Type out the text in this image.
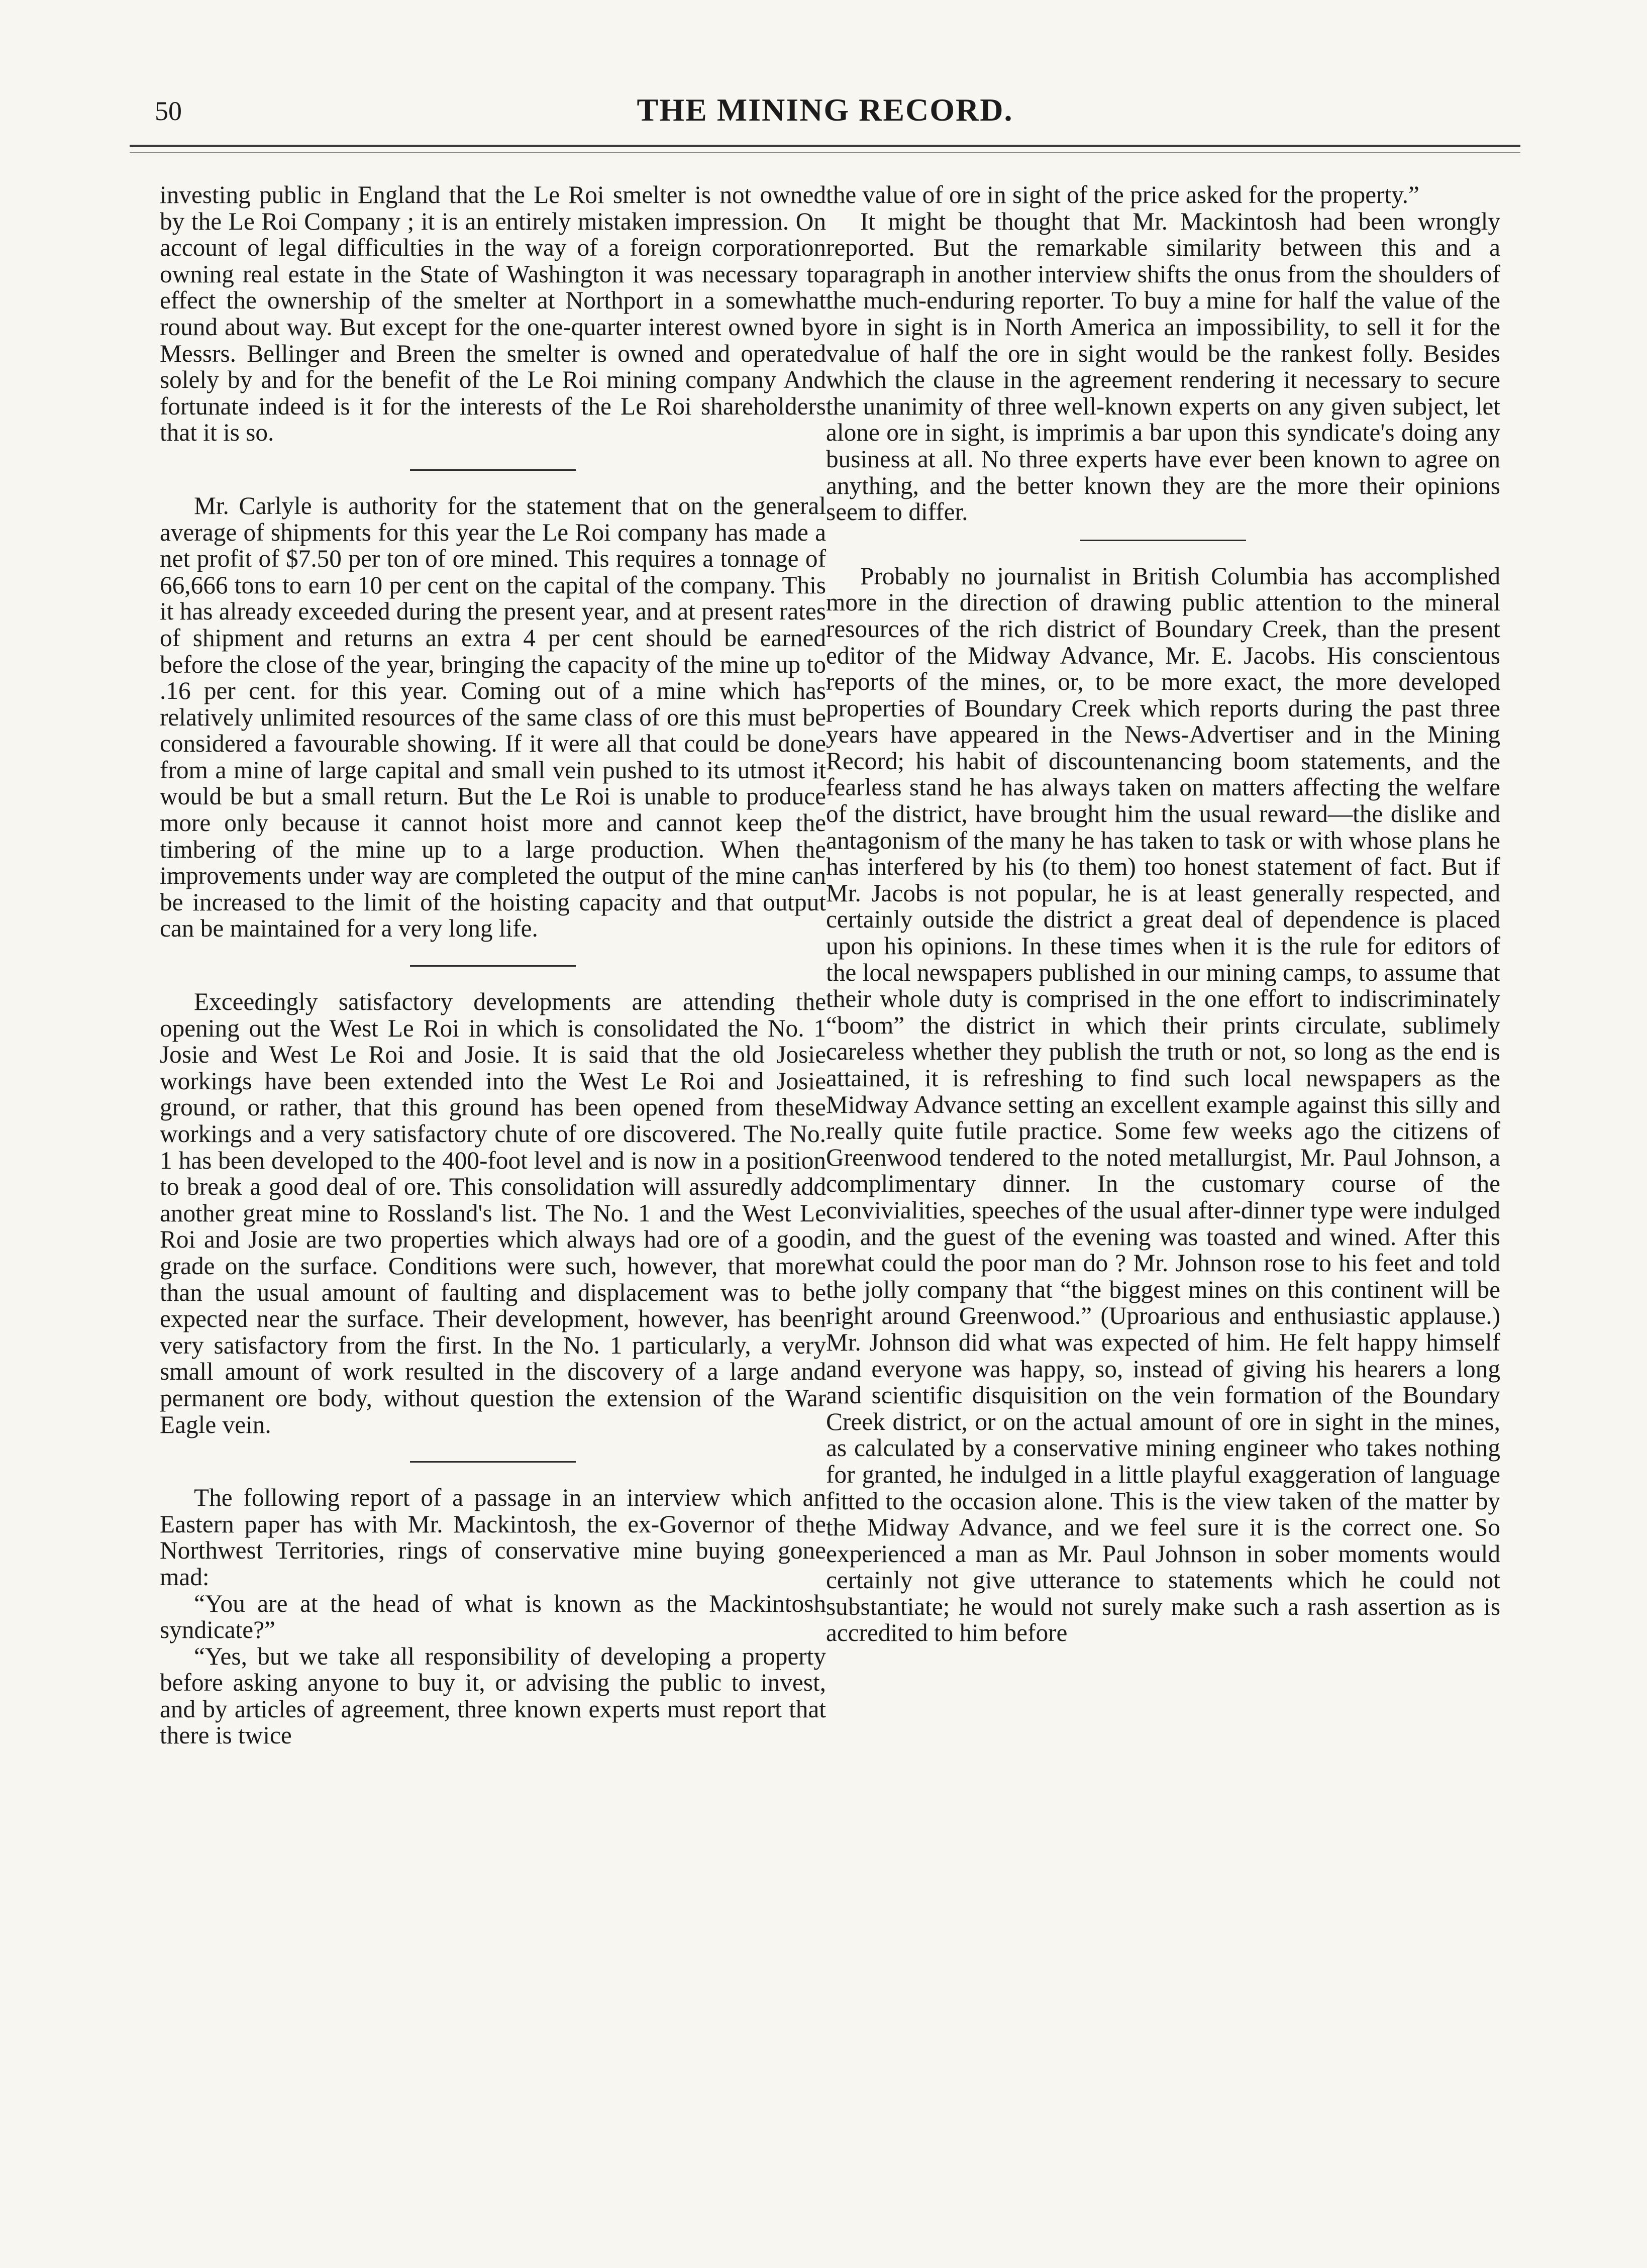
50	THE MINING RECORD.

investing public in England that the Le Roi smelter is not owned by the Le Roi Company ; it is an entirely mistaken impression. On account of legal difficulties in the way of a foreign corporation owning real estate in the State of Washington it was necessary to effect the ownership of the smelter at Northport in a somewhat round about way. But except for the one-quarter interest owned by Messrs. Bellinger and Breen the smelter is owned and operated solely by and for the benefit of the Le Roi mining company And fortunate indeed is it for the interests of the Le Roi shareholders that it is so.

Mr. Carlyle is authority for the statement that on the general average of shipments for this year the Le Roi company has made a net profit of $7.50 per ton of ore mined. This requires a tonnage of 66,666 tons to earn 10 per cent on the capital of the company. This it has already exceeded during the present year, and at present rates of shipment and returns an extra 4 per cent should be earned before the close of the year, bringing the capacity of the mine up to .16 per cent. for this year. Coming out of a mine which has relatively unlimited resources of the same class of ore this must be considered a favourable showing. If it were all that could be done from a mine of large capital and small vein pushed to its utmost it would be but a small return. But the Le Roi is unable to produce more only because it cannot hoist more and cannot keep the timbering of the mine up to a large production. When the improvements under way are completed the output of the mine can be increased to the limit of the hoisting capacity and that output can be maintained for a very long life.

Exceedingly satisfactory developments are attending the opening out the West Le Roi in which is consolidated the No. 1 Josie and West Le Roi and Josie. It is said that the old Josie workings have been extended into the West Le Roi and Josie ground, or rather, that this ground has been opened from these workings and a very satisfactory chute of ore discovered. The No. 1 has been developed to the 400-foot level and is now in a position to break a good deal of ore. This consolidation will assuredly add another great mine to Rossland's list. The No. 1 and the West Le Roi and Josie are two properties which always had ore of a good grade on the surface. Conditions were such, however, that more than the usual amount of faulting and displacement was to be expected near the surface. Their development, however, has been very satisfactory from the first. In the No. 1 particularly, a very small amount of work resulted in the discovery of a large and permanent ore body, without question the extension of the War Eagle vein.

The following report of a passage in an interview which an Eastern paper has with Mr. Mackintosh, the ex-Governor of the Northwest Territories, rings of conservative mine buying gone mad:

“You are at the head of what is known as the Mackintosh syndicate?”

“Yes, but we take all responsibility of developing a property before asking anyone to buy it, or advising the public to invest, and by articles of agreement, three known experts must report that there is twice

the value of ore in sight of the price asked for the property.”

It might be thought that Mr. Mackintosh had been wrongly reported. But the remarkable similarity between this and a paragraph in another interview shifts the onus from the shoulders of the much-enduring reporter. To buy a mine for half the value of the ore in sight is in North America an impossibility, to sell it for the value of half the ore in sight would be the rankest folly. Besides which the clause in the agreement rendering it necessary to secure the unanimity of three well-known experts on any given subject, let alone ore in sight, is imprimis a bar upon this syndicate's doing any business at all. No three experts have ever been known to agree on anything, and the better known they are the more their opinions seem to differ.

Probably no journalist in British Columbia has accomplished more in the direction of drawing public attention to the mineral resources of the rich district of Boundary Creek, than the present editor of the Midway Advance, Mr. E. Jacobs. His conscientous reports of the mines, or, to be more exact, the more developed properties of Boundary Creek which reports during the past three years have appeared in the News-Advertiser and in the Mining Record; his habit of discountenancing boom statements, and the fearless stand he has always taken on matters affecting the welfare of the district, have brought him the usual reward—the dislike and antagonism of the many he has taken to task or with whose plans he has interfered by his (to them) too honest statement of fact. But if Mr. Jacobs is not popular, he is at least generally respected, and certainly outside the district a great deal of dependence is placed upon his opinions. In these times when it is the rule for editors of the local newspapers published in our mining camps, to assume that their whole duty is comprised in the one effort to indiscriminately “boom” the district in which their prints circulate, sublimely careless whether they publish the truth or not, so long as the end is attained, it is refreshing to find such local newspapers as the Midway Advance setting an excellent example against this silly and really quite futile practice. Some few weeks ago the citizens of Greenwood tendered to the noted metallurgist, Mr. Paul Johnson, a complimentary dinner. In the customary course of the convivialities, speeches of the usual after-dinner type were indulged in, and the guest of the evening was toasted and wined. After this what could the poor man do ? Mr. Johnson rose to his feet and told the jolly company that “the biggest mines on this continent will be right around Greenwood.” (Uproarious and enthusiastic applause.) Mr. Johnson did what was expected of him. He felt happy himself and everyone was happy, so, instead of giving his hearers a long and scientific disquisition on the vein formation of the Boundary Creek district, or on the actual amount of ore in sight in the mines, as calculated by a conservative mining engineer who takes nothing for granted, he indulged in a little playful exaggeration of language fitted to the occasion alone. This is the view taken of the matter by the Midway Advance, and we feel sure it is the correct one. So experienced a man as Mr. Paul Johnson in sober moments would certainly not give utterance to statements which he could not substantiate; he would not surely make such a rash assertion as is accredited to him before
